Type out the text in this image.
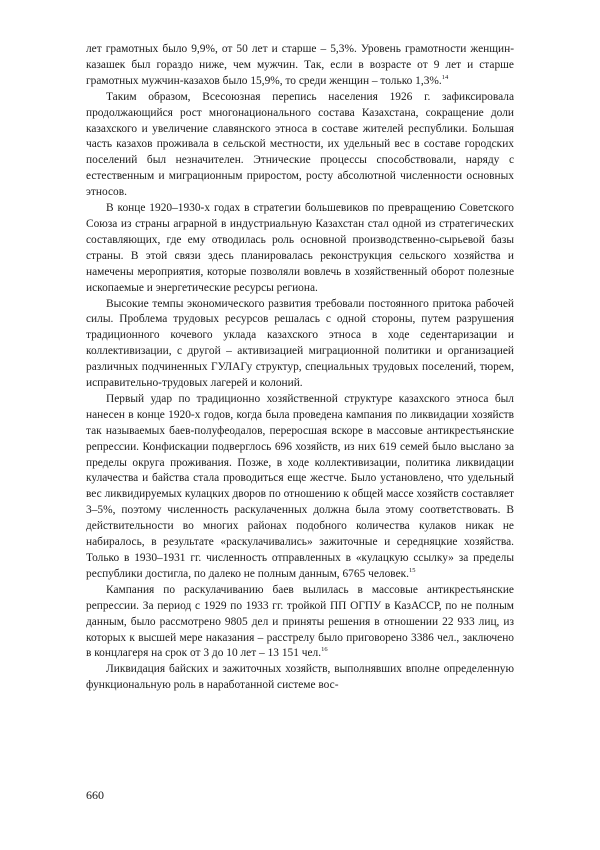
лет грамотных было 9,9%, от 50 лет и старше – 5,3%. Уровень грамотности женщин-казашек был гораздо ниже, чем мужчин. Так, если в возрасте от 9 лет и старше грамотных мужчин-казахов было 15,9%, то среди женщин – только 1,3%.$^{14}$

Таким образом, Всесоюзная перепись населения 1926 г. зафиксировала продолжающийся рост многонационального состава Казахстана, сокращение доли казахского и увеличение славянского этноса в составе жителей республики. Большая часть казахов проживала в сельской местности, их удельный вес в составе городских поселений был незначителен. Этнические процессы способствовали, наряду с естественным и миграционным приростом, росту абсолютной численности основных этносов.

В конце 1920–1930-х годах в стратегии большевиков по превращению Советского Союза из страны аграрной в индустриальную Казахстан стал одной из стратегических составляющих, где ему отводилась роль основной производственно-сырьевой базы страны. В этой связи здесь планировалась реконструкция сельского хозяйства и намечены мероприятия, которые позволяли вовлечь в хозяйственный оборот полезные ископаемые и энергетические ресурсы региона.

Высокие темпы экономического развития требовали постоянного притока рабочей силы. Проблема трудовых ресурсов решалась с одной стороны, путем разрушения традиционного кочевого уклада казахского этноса в ходе седентаризации и коллективизации, с другой – активизацией миграционной политики и организацией различных подчиненных ГУЛАГу структур, специальных трудовых поселений, тюрем, исправительно-трудовых лагерей и колоний.

Первый удар по традиционно хозяйственной структуре казахского этноса был нанесен в конце 1920-х годов, когда была проведена кампания по ликвидации хозяйств так называемых баев-полуфеодалов, переросшая вскоре в массовые антикрестьянские репрессии. Конфискации подверглось 696 хозяйств, из них 619 семей было выслано за пределы округа проживания. Позже, в ходе коллективизации, политика ликвидации кулачества и байства стала проводиться еще жестче. Было установлено, что удельный вес ликвидируемых кулацких дворов по отношению к общей массе хозяйств составляет 3–5%, поэтому численность раскулаченных должна была этому соответствовать. В действительности во многих районах подобного количества кулаков никак не набиралось, в результате «раскулачивались» зажиточные и середняцкие хозяйства. Только в 1930–1931 гг. численность отправленных в «кулацкую ссылку» за пределы республики достигла, по далеко не полным данным, 6765 человек.$^{15}$

Кампания по раскулачиванию баев вылилась в массовые антикрестьянские репрессии. За период с 1929 по 1933 гг. тройкой ПП ОГПУ в КазАССР, по не полным данным, было рассмотрено 9805 дел и приняты решения в отношении 22 933 лиц, из которых к высшей мере наказания – расстрелу было приговорено 3386 чел., заключено в концлагеря на срок от 3 до 10 лет – 13 151 чел.$^{16}$

Ликвидация байских и зажиточных хозяйств, выполнявших вполне определенную функциональную роль в наработанной системе вос-

660
